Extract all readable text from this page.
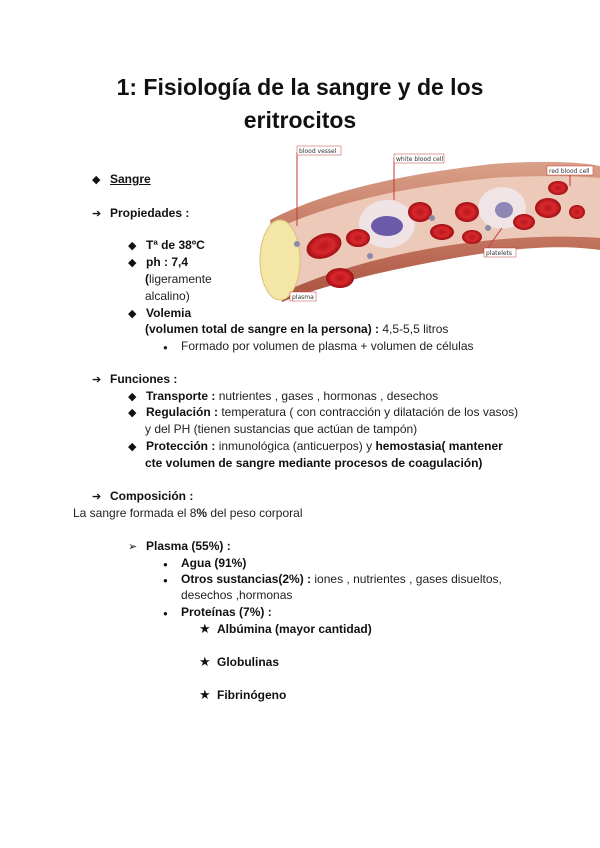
1: Fisiología de la sangre y de los
eritrocitos
blood vessel
white blood cell
red blood cell
platelets
plasma
◆ Sangre
➔ Propiedades :
◆ Tª de 38ºC
◆ ph : 7,4
(ligeramente
alcalino)
◆ Volemia
(volumen total de sangre en la persona) : 4,5-5,5 litros
● Formado por volumen de plasma + volumen de células
➔ Funciones :
◆ Transporte : nutrientes , gases , hormonas , desechos
◆ Regulación : temperatura ( con contracción y dilatación de los vasos)
y del PH (tienen sustancias que actúan de tampón)
◆ Protección : inmunológica (anticuerpos) y hemostasia( mantener
cte volumen de sangre mediante procesos de coagulación)
➔ Composición :
La sangre formada el 8% del peso corporal
➢ Plasma (55%) :
● Agua (91%)
● Otros sustancias(2%) : iones , nutrientes , gases disueltos,
desechos ,hormonas
● Proteínas (7%) :
★ Albúmina (mayor cantidad)
★ Globulinas
★ Fibrinógeno
